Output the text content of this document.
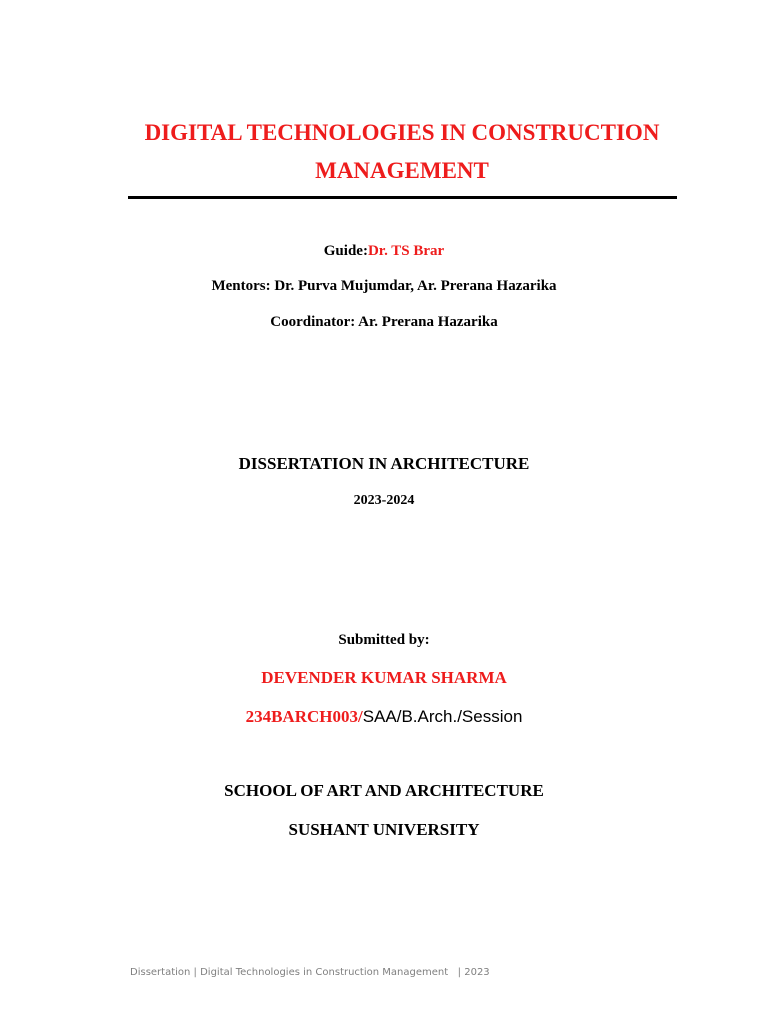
DIGITAL TECHNOLOGIES IN CONSTRUCTION
MANAGEMENT
Guide:Dr. TS Brar
Mentors: Dr. Purva Mujumdar, Ar. Prerana Hazarika
Coordinator: Ar. Prerana Hazarika
DISSERTATION IN ARCHITECTURE
2023-2024
Submitted by:
DEVENDER KUMAR SHARMA
234BARCH003/SAA/B.Arch./Session
SCHOOL OF ART AND ARCHITECTURE
SUSHANT UNIVERSITY
Dissertation | Digital Technologies in Construction Management   | 2023
